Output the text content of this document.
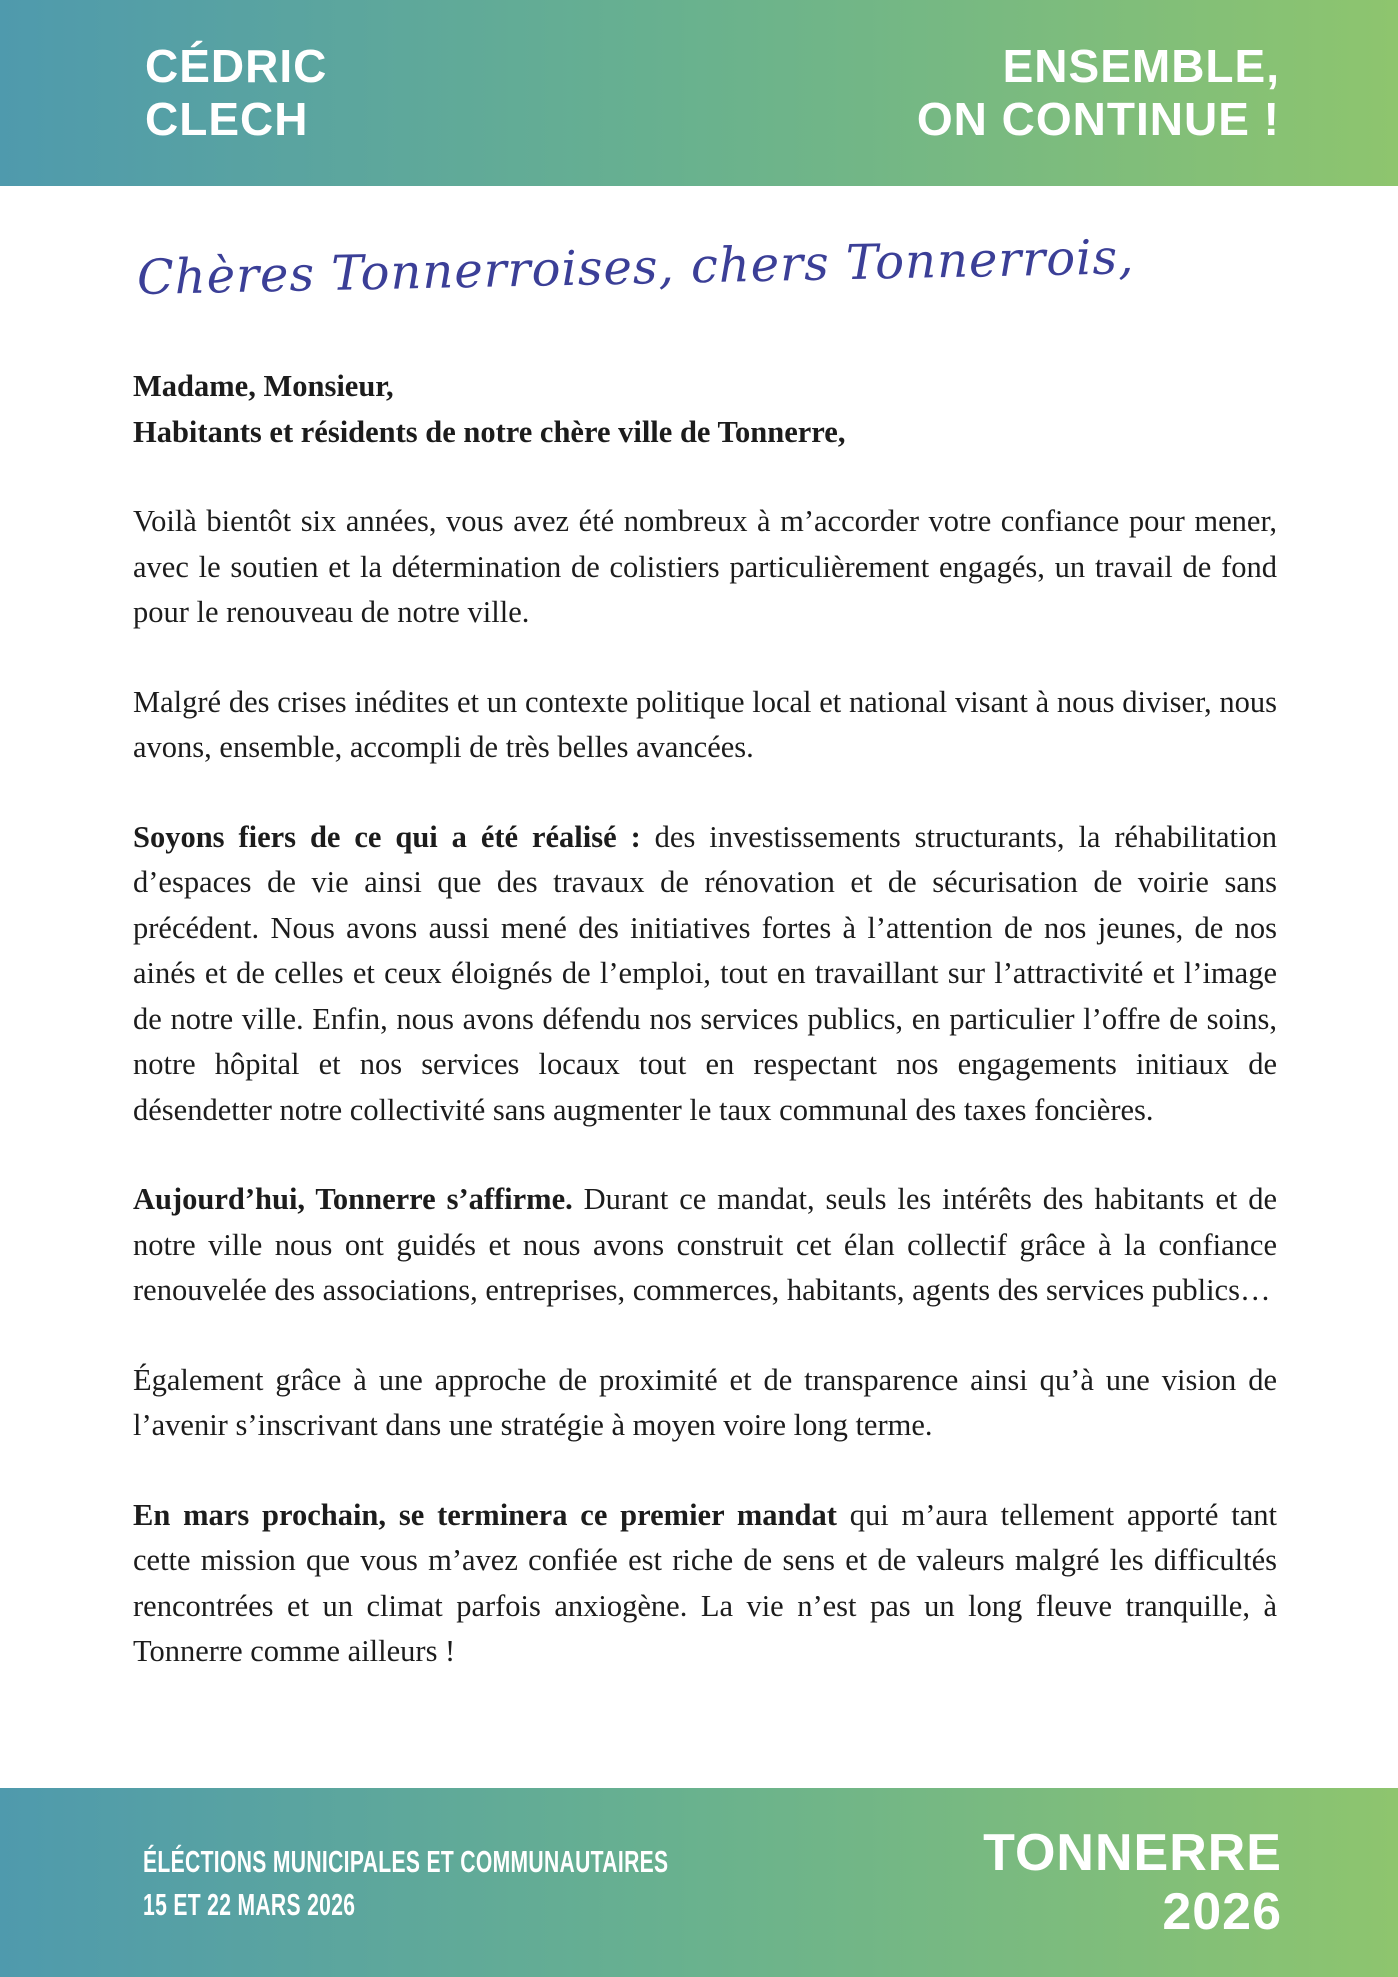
CÉDRIC
CLECH
ENSEMBLE,
ON CONTINUE !
Chères Tonnerroises, chers Tonnerrois,
Madame, Monsieur,
Habitants et résidents de notre chère ville de Tonnerre,

Voilà bientôt six années, vous avez été nombreux à m’accorder votre confiance pour mener, avec le soutien et la détermination de colistiers particulièrement engagés, un travail de fond pour le renouveau de notre ville.

Malgré des crises inédites et un contexte politique local et national visant à nous diviser, nous avons, ensemble, accompli de très belles avancées.

Soyons fiers de ce qui a été réalisé : des investissements structurants, la réhabilitation d’espaces de vie ainsi que des travaux de rénovation et de sécurisation de voirie sans précédent. Nous avons aussi mené des initiatives fortes à l’attention de nos jeunes, de nos ainés et de celles et ceux éloignés de l’emploi, tout en travaillant sur l’attractivité et l’image de notre ville. Enfin, nous avons défendu nos services publics, en particulier l’offre de soins, notre hôpital et nos services locaux tout en respectant nos engagements initiaux de désendetter notre collectivité sans augmenter le taux communal des taxes foncières.

Aujourd’hui, Tonnerre s’affirme. Durant ce mandat, seuls les intérêts des habitants et de notre ville nous ont guidés et nous avons construit cet élan collectif grâce à la confiance renouvelée des associations, entreprises, commerces, habitants, agents des services publics…

Également grâce à une approche de proximité et de transparence ainsi qu’à une vision de l’avenir s’inscrivant dans une stratégie à moyen voire long terme.

En mars prochain, se terminera ce premier mandat qui m’aura tellement apporté tant cette mission que vous m’avez confiée est riche de sens et de valeurs malgré les difficultés rencontrées et un climat parfois anxiogène. La vie n’est pas un long fleuve tranquille, à Tonnerre comme ailleurs !

ÉLÉCTIONS MUNICIPALES ET COMMUNAUTAIRES
15 ET 22 MARS 2026
TONNERRE
2026
